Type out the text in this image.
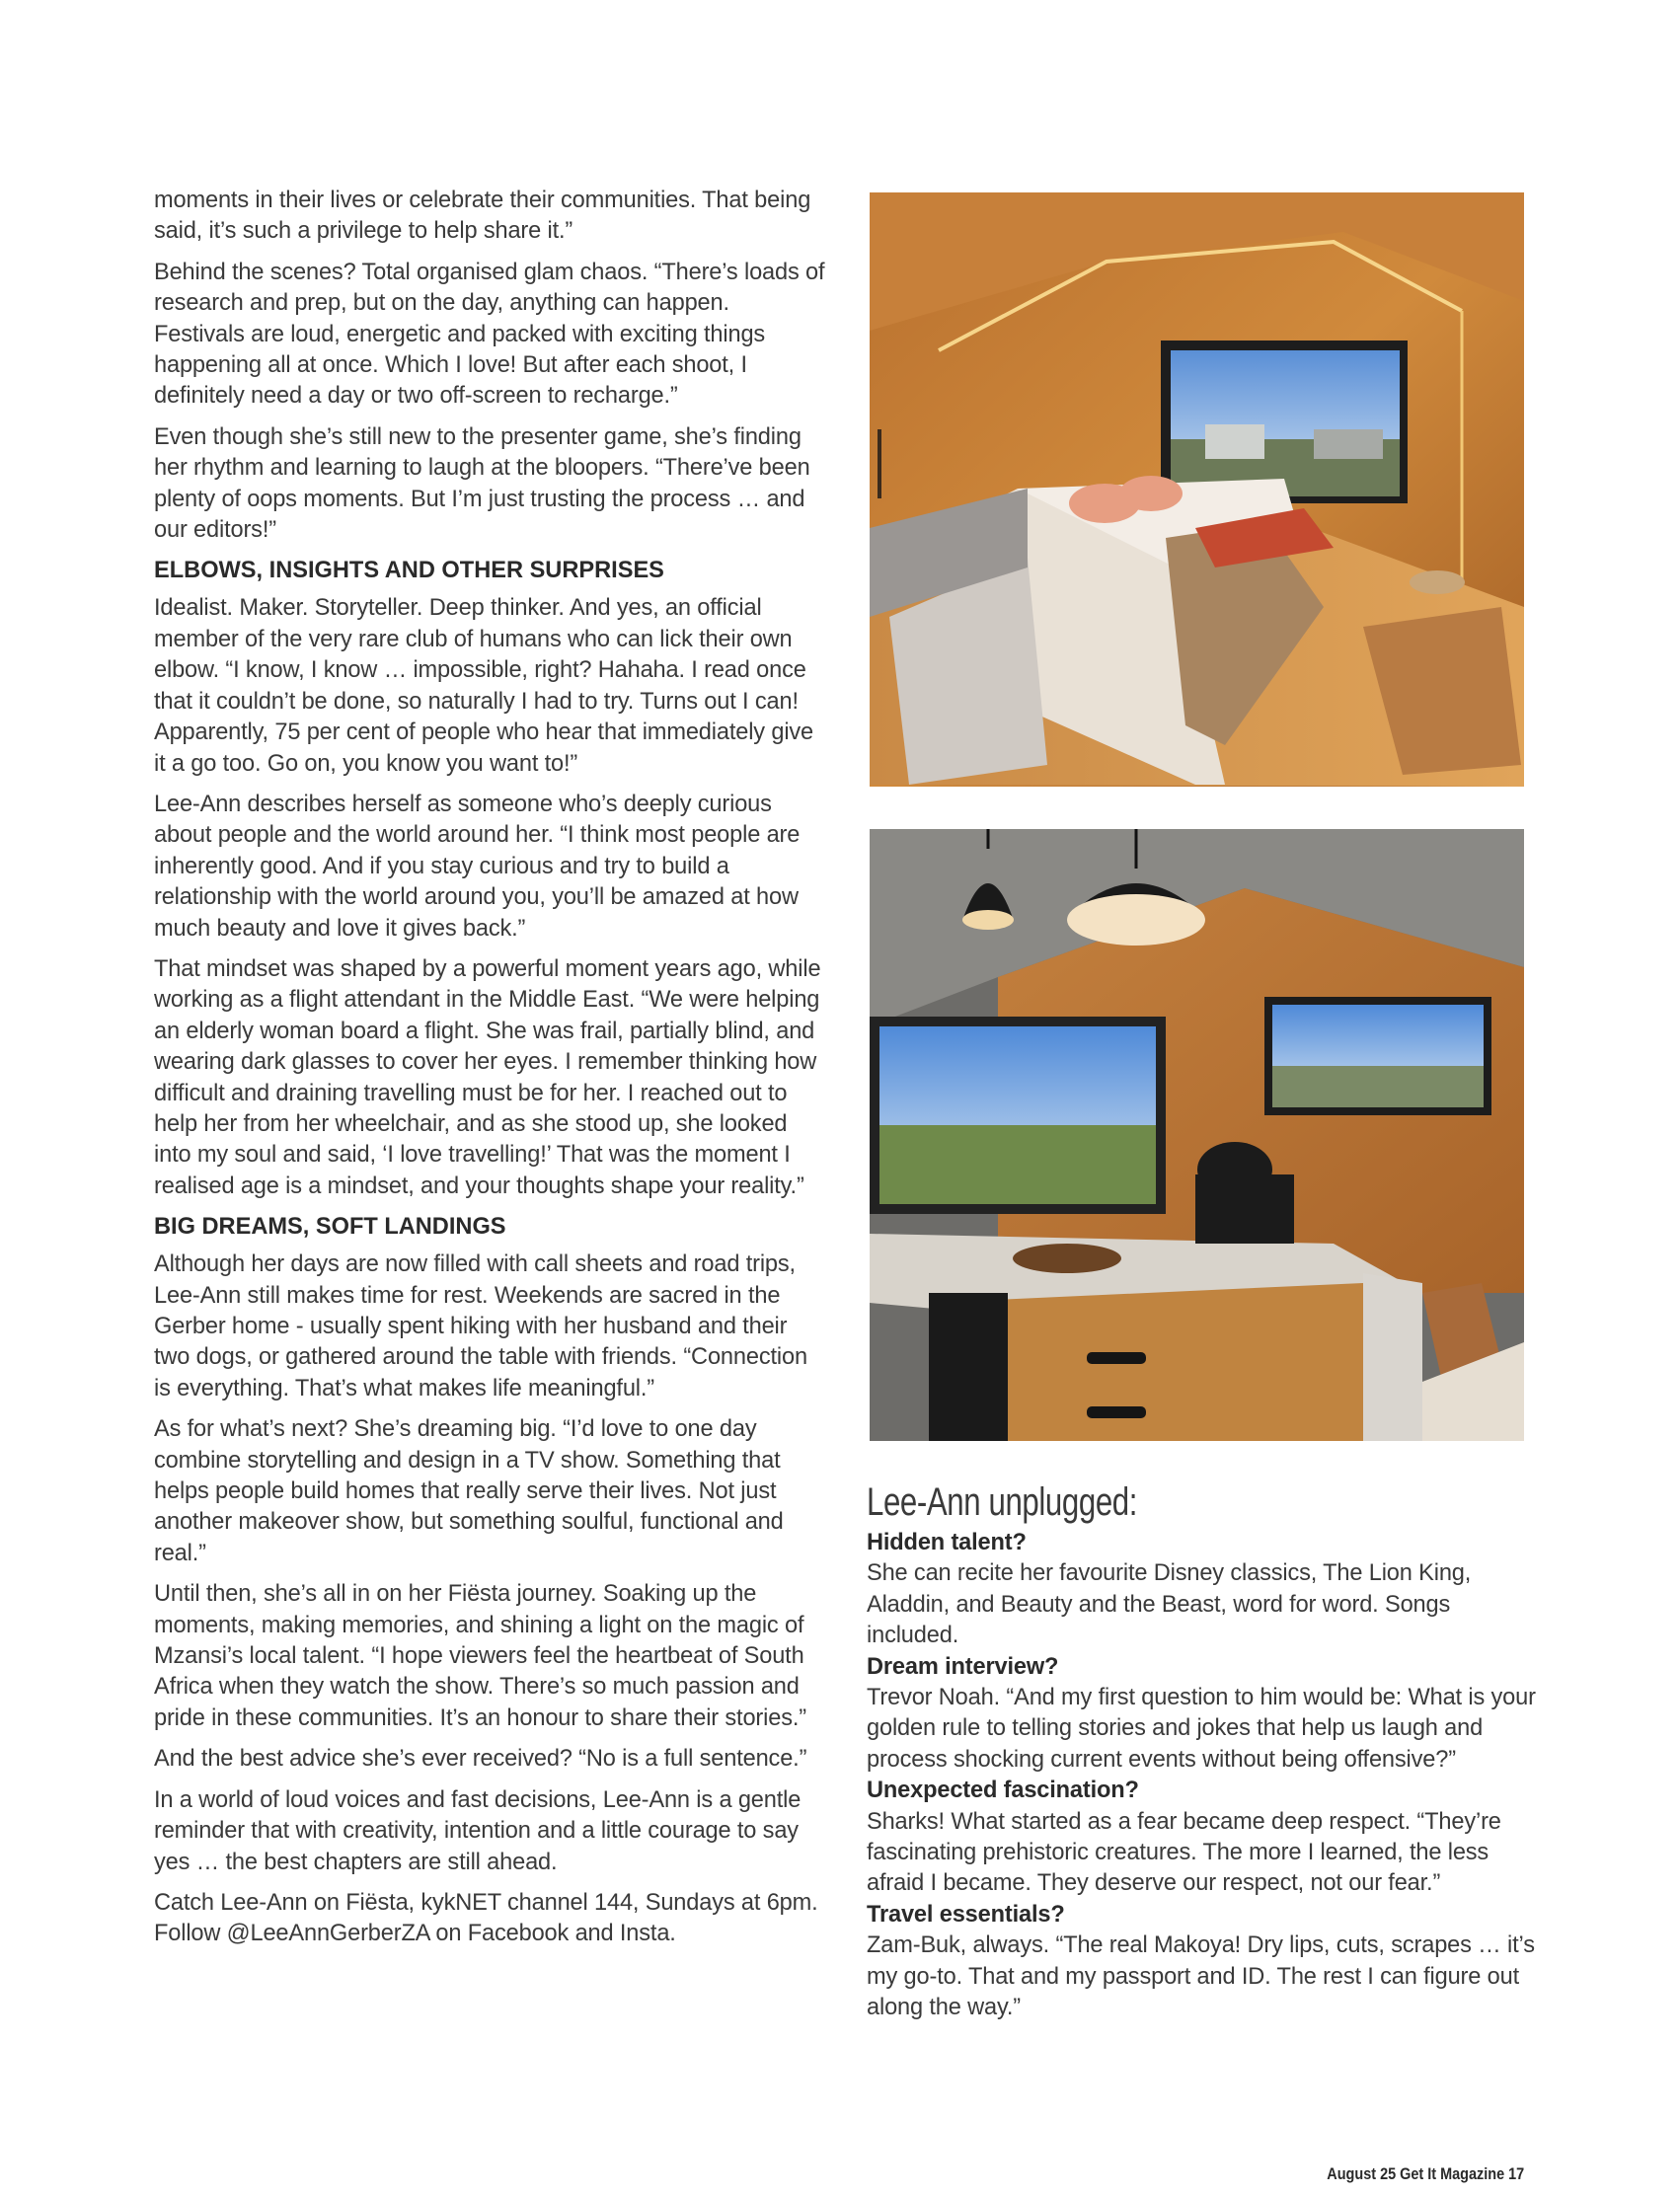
moments in their lives or celebrate their communities. That being said, it’s such a privilege to help share it.”

Behind the scenes? Total organised glam chaos. “There’s loads of research and prep, but on the day, anything can happen. Festivals are loud, energetic and packed with exciting things happening all at once. Which I love! But after each shoot, I definitely need a day or two off-screen to recharge.”

Even though she’s still new to the presenter game, she’s finding her rhythm and learning to laugh at the bloopers. “There’ve been plenty of oops moments. But I’m just trusting the process … and our editors!”

ELBOWS, INSIGHTS AND OTHER SURPRISES

Idealist. Maker. Storyteller. Deep thinker. And yes, an official member of the very rare club of humans who can lick their own elbow. “I know, I know … impossible, right? Hahaha. I read once that it couldn’t be done, so naturally I had to try. Turns out I can! Apparently, 75 per cent of people who hear that immediately give it a go too. Go on, you know you want to!”

Lee-Ann describes herself as someone who’s deeply curious about people and the world around her. “I think most people are inherently good. And if you stay curious and try to build a relationship with the world around you, you’ll be amazed at how much beauty and love it gives back.”

That mindset was shaped by a powerful moment years ago, while working as a flight attendant in the Middle East. “We were helping an elderly woman board a flight. She was frail, partially blind, and wearing dark glasses to cover her eyes. I remember thinking how difficult and draining travelling must be for her. I reached out to help her from her wheelchair, and as she stood up, she looked into my soul and said, ‘I love travelling!’ That was the moment I realised age is a mindset, and your thoughts shape your reality.”

BIG DREAMS, SOFT LANDINGS

Although her days are now filled with call sheets and road trips, Lee-Ann still makes time for rest. Weekends are sacred in the Gerber home - usually spent hiking with her husband and their two dogs, or gathered around the table with friends. “Connection is everything. That’s what makes life meaningful.”

As for what’s next? She’s dreaming big. “I’d love to one day combine storytelling and design in a TV show. Something that helps people build homes that really serve their lives. Not just another makeover show, but something soulful, functional and real.”

Until then, she’s all in on her Fiësta journey. Soaking up the moments, making memories, and shining a light on the magic of Mzansi’s local talent. “I hope viewers feel the heartbeat of South Africa when they watch the show. There’s so much passion and pride in these communities. It’s an honour to share their stories.”

And the best advice she’s ever received? “No is a full sentence.”

In a world of loud voices and fast decisions, Lee-Ann is a gentle reminder that with creativity, intention and a little courage to say yes … the best chapters are still ahead.

Catch Lee-Ann on Fiësta, kykNET channel 144, Sundays at 6pm. Follow @LeeAnnGerberZA on Facebook and Insta.

Lee-Ann unplugged:

Hidden talent?

She can recite her favourite Disney classics, The Lion King, Aladdin, and Beauty and the Beast, word for word. Songs included.

Dream interview?

Trevor Noah. “And my first question to him would be: What is your golden rule to telling stories and jokes that help us laugh and process shocking current events without being offensive?”

Unexpected fascination?

Sharks! What started as a fear became deep respect. “They’re fascinating prehistoric creatures. The more I learned, the less afraid I became. They deserve our respect, not our fear.”

Travel essentials?

Zam-Buk, always. “The real Makoya! Dry lips, cuts, scrapes … it’s my go-to. That and my passport and ID. The rest I can figure out along the way.”

August 25 Get It Magazine 17
